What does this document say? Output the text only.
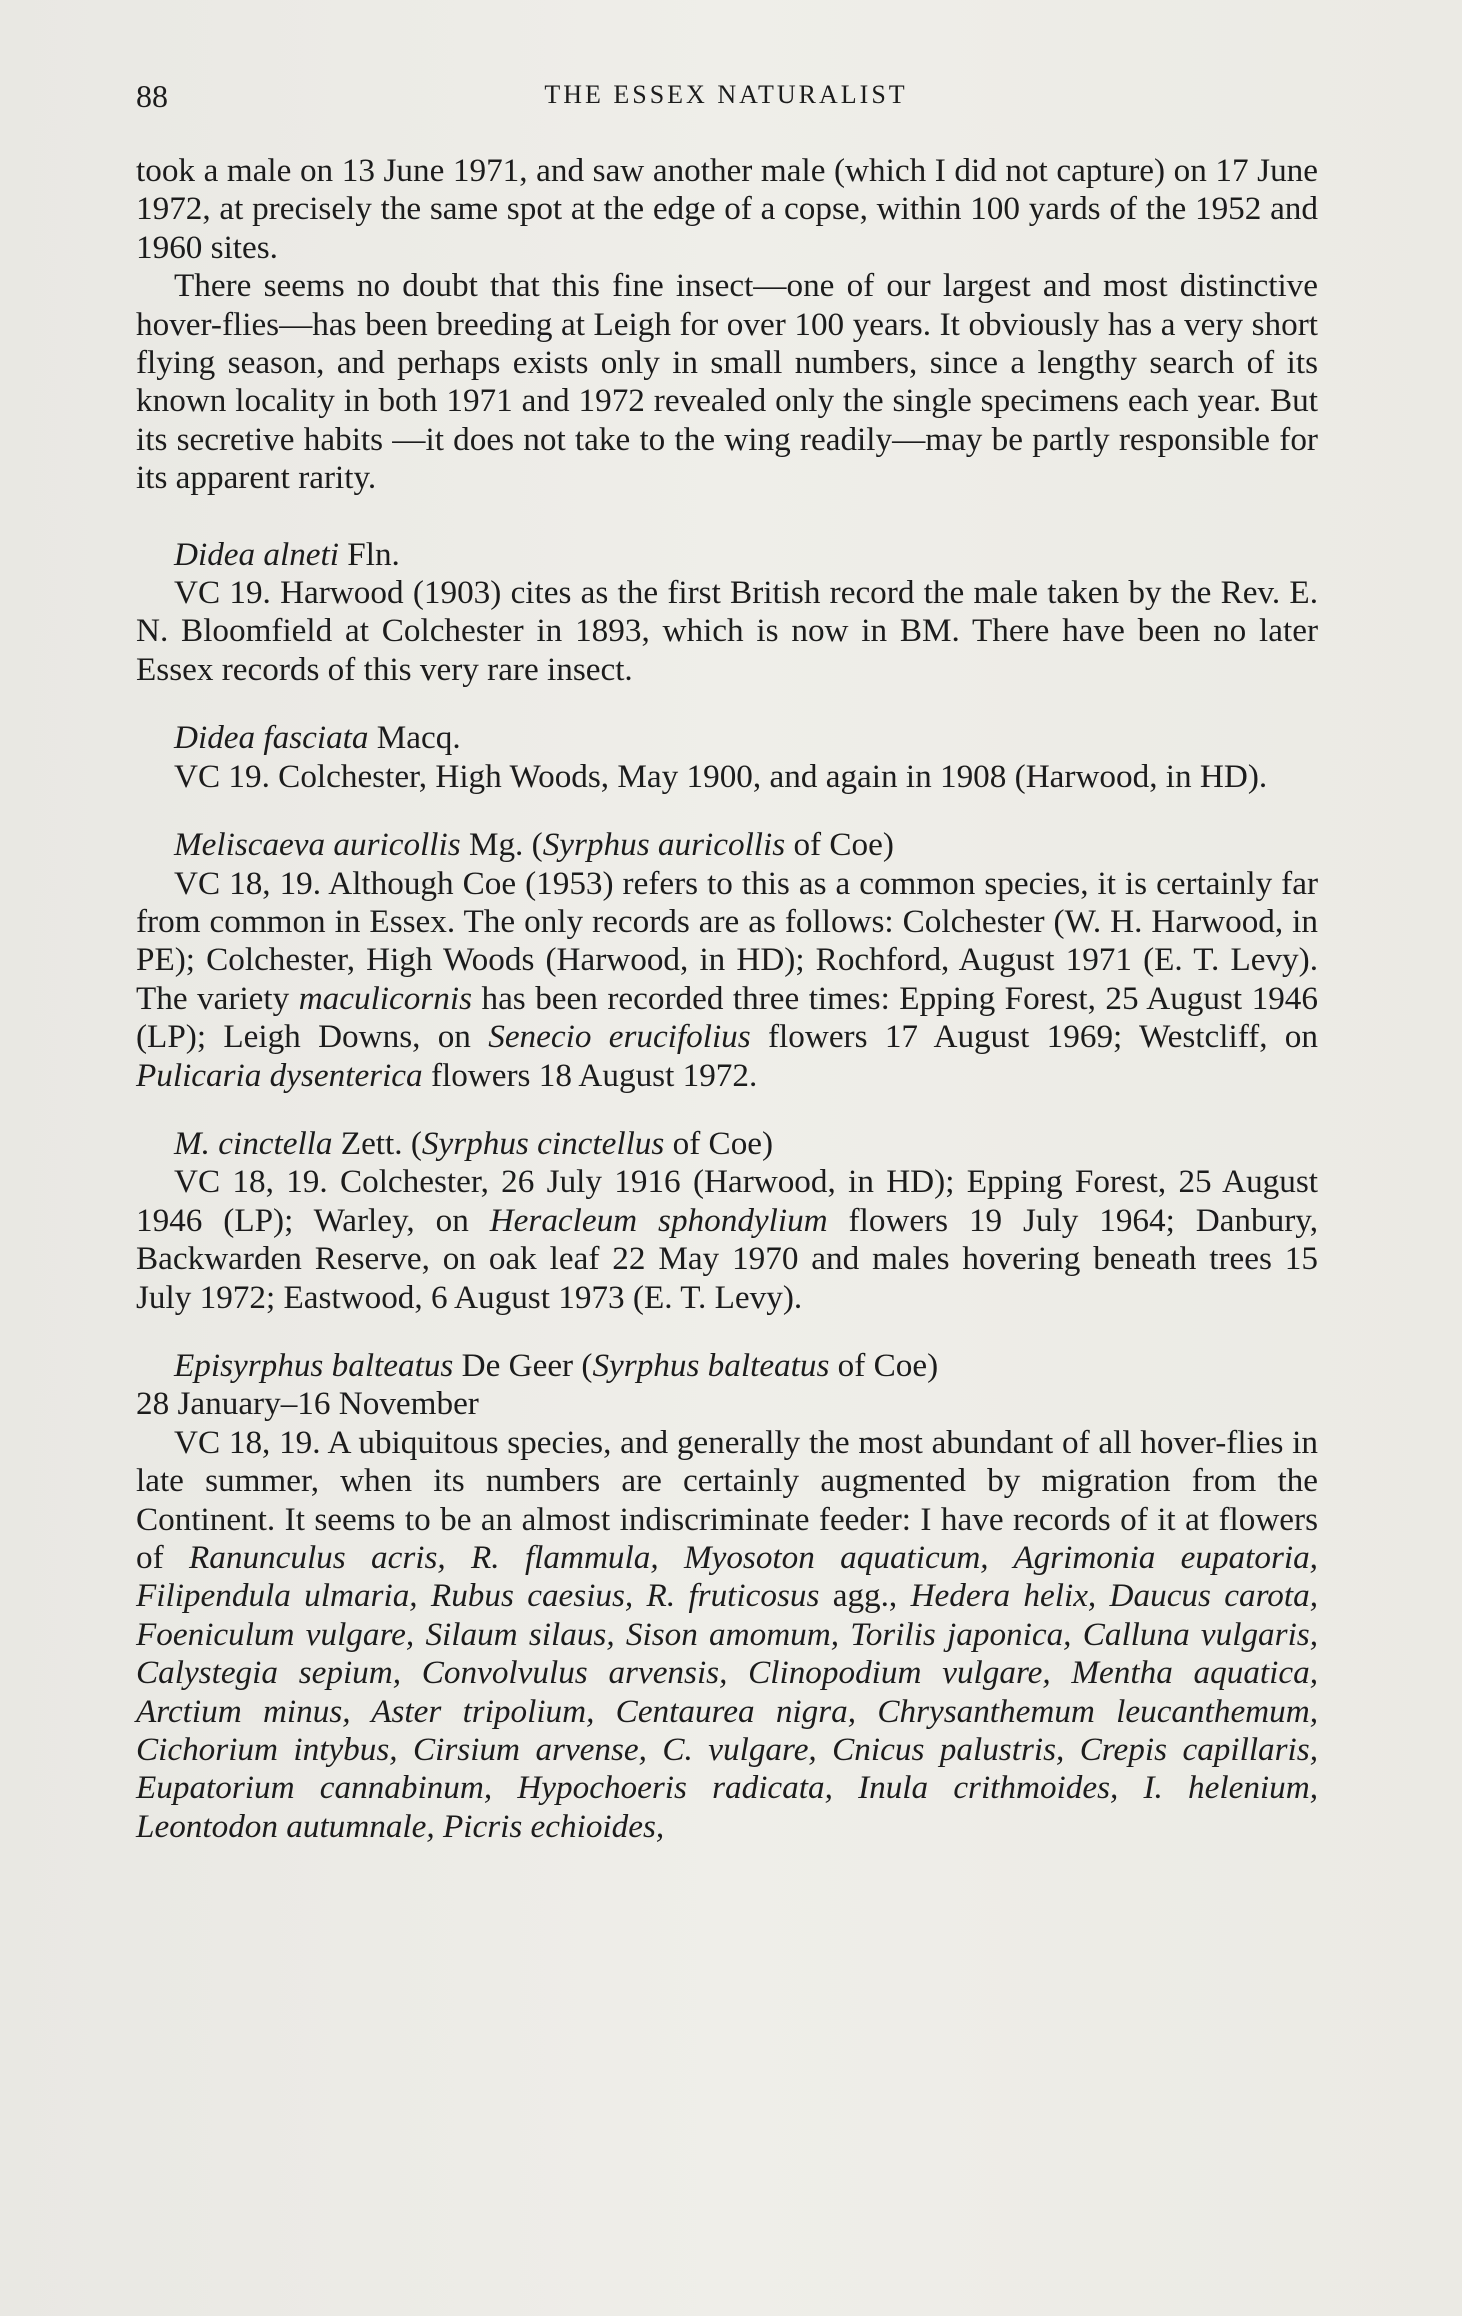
88	THE ESSEX NATURALIST

took a male on 13 June 1971, and saw another male (which I did not capture) on 17 June 1972, at precisely the same spot at the edge of a copse, within 100 yards of the 1952 and 1960 sites.

There seems no doubt that this fine insect—one of our largest and most distinctive hover-flies—has been breeding at Leigh for over 100 years. It obviously has a very short flying season, and perhaps exists only in small numbers, since a lengthy search of its known locality in both 1971 and 1972 revealed only the single specimens each year. But its secretive habits —it does not take to the wing readily—may be partly responsible for its apparent rarity.

Didea alneti Fln.

VC 19. Harwood (1903) cites as the first British record the male taken by the Rev. E. N. Bloomfield at Colchester in 1893, which is now in BM. There have been no later Essex records of this very rare insect.

Didea fasciata Macq.

VC 19. Colchester, High Woods, May 1900, and again in 1908 (Harwood, in HD).

Meliscaeva auricollis Mg. (Syrphus auricollis of Coe)

VC 18, 19. Although Coe (1953) refers to this as a common species, it is certainly far from common in Essex. The only records are as follows: Colchester (W. H. Harwood, in PE); Colchester, High Woods (Harwood, in HD); Rochford, August 1971 (E. T. Levy). The variety maculicornis has been recorded three times: Epping Forest, 25 August 1946 (LP); Leigh Downs, on Senecio erucifolius flowers 17 August 1969; Westcliff, on Pulicaria dysenterica flowers 18 August 1972.

M. cinctella Zett. (Syrphus cinctellus of Coe)

VC 18, 19. Colchester, 26 July 1916 (Harwood, in HD); Epping Forest, 25 August 1946 (LP); Warley, on Heracleum sphondylium flowers 19 July 1964; Danbury, Backwarden Reserve, on oak leaf 22 May 1970 and males hovering beneath trees 15 July 1972; Eastwood, 6 August 1973 (E. T. Levy).

Episyrphus balteatus De Geer (Syrphus balteatus of Coe)

28 January–16 November

VC 18, 19. A ubiquitous species, and generally the most abundant of all hover-flies in late summer, when its numbers are certainly augmented by migration from the Continent. It seems to be an almost indiscriminate feeder: I have records of it at flowers of Ranunculus acris, R. flammula, Myosoton aquaticum, Agrimonia eupatoria, Filipendula ulmaria, Rubus caesius, R. fruticosus agg., Hedera helix, Daucus carota, Foeniculum vulgare, Silaum silaus, Sison amomum, Torilis japonica, Calluna vulgaris, Calystegia sepium, Convolvulus arvensis, Clinopodium vulgare, Mentha aquatica, Arctium minus, Aster tripolium, Centaurea nigra, Chrysanthemum leucanthemum, Cichorium intybus, Cirsium arvense, C. vulgare, Cnicus palustris, Crepis capillaris, Eupatorium cannabinum, Hypochoeris radicata, Inula crithmoides, I. helenium, Leontodon autumnale, Picris echioides,
